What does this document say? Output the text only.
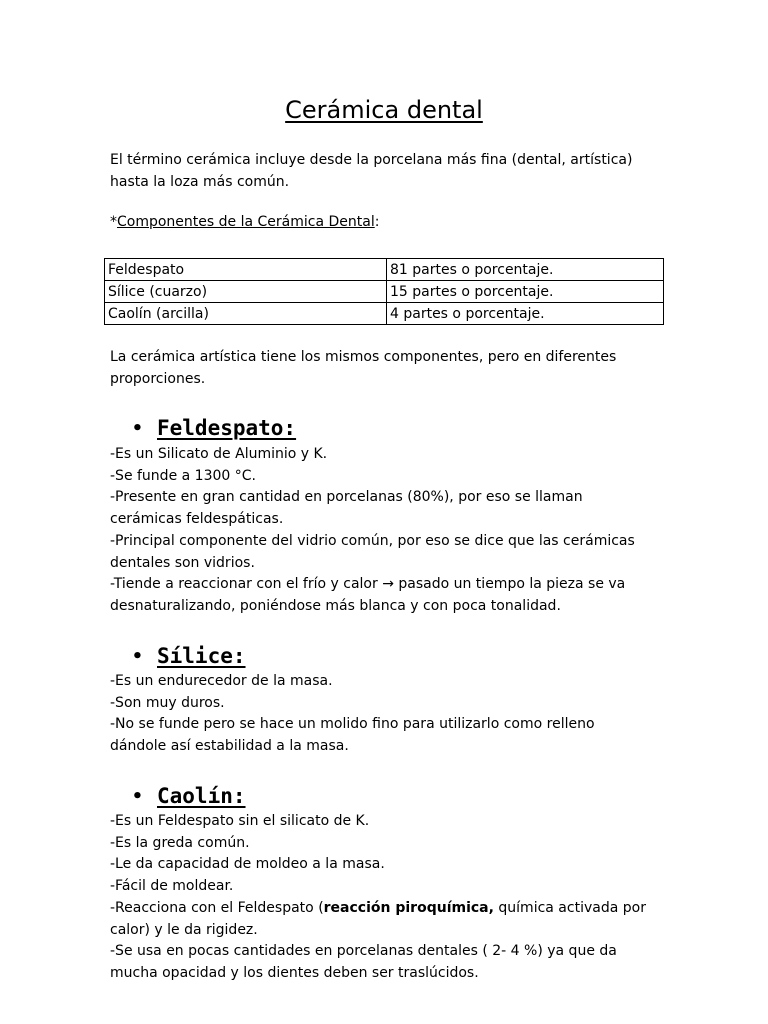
Cerámica dental
El término cerámica incluye desde la porcelana más fina (dental, artística) hasta la loza más común.
*Componentes de la Cerámica Dental:
Feldespato	81 partes o porcentaje.
Sílice (cuarzo)	15 partes o porcentaje.
Caolín (arcilla)	4 partes o porcentaje.
La cerámica artística tiene los mismos componentes, pero en diferentes proporciones.
• Feldespato:
-Es un Silicato de Aluminio y K.
-Se funde a 1300 °C.
-Presente en gran cantidad en porcelanas (80%), por eso se llaman
cerámicas feldespáticas.
-Principal componente del vidrio común, por eso se dice que las cerámicas
dentales son vidrios.
-Tiende a reaccionar con el frío y calor → pasado un tiempo la pieza se va
desnaturalizando, poniéndose más blanca y con poca tonalidad.
• Sílice:
-Es un endurecedor de la masa.
-Son muy duros.
-No se funde pero se hace un molido fino para utilizarlo como relleno
dándole así estabilidad a la masa.
• Caolín:
-Es un Feldespato sin el silicato de K.
-Es la greda común.
-Le da capacidad de moldeo a la masa.
-Fácil de moldear.
-Reacciona con el Feldespato (reacción piroquímica, química activada por
calor) y le da rigidez.
-Se usa en pocas cantidades en porcelanas dentales ( 2- 4 %) ya que da
mucha opacidad y los dientes deben ser traslúcidos.
